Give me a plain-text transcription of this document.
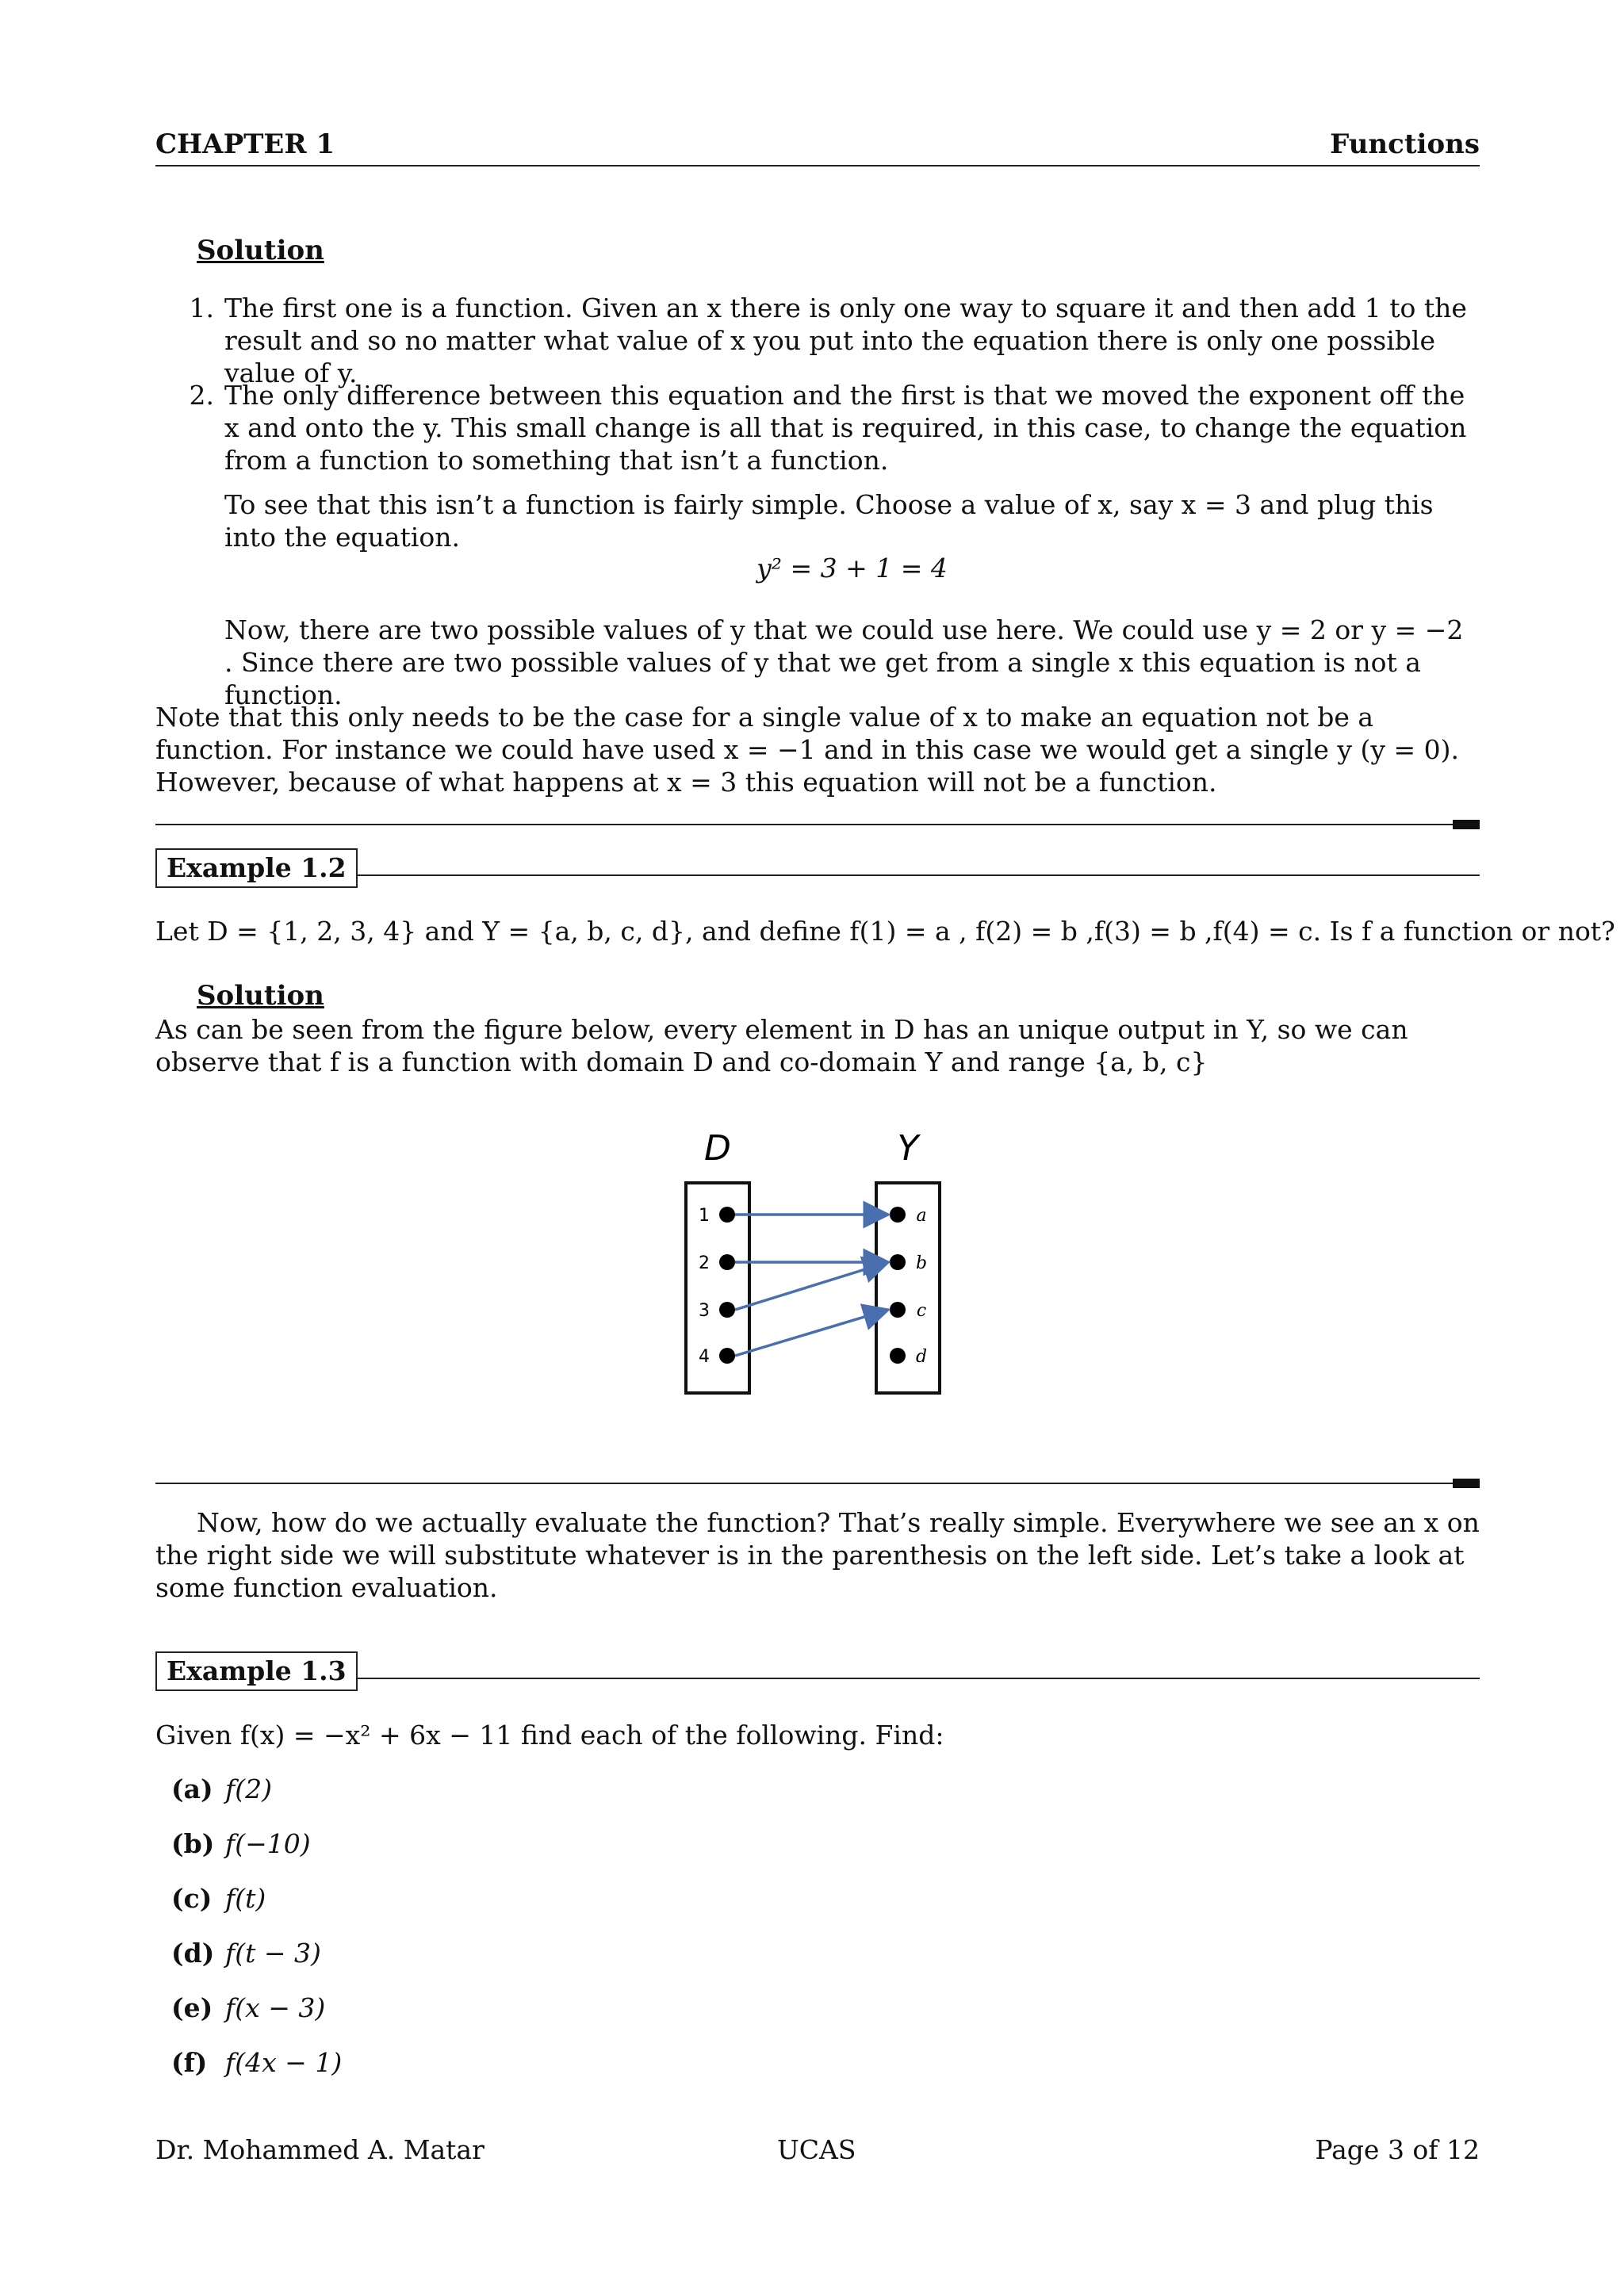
CHAPTER 1	Functions
Solution
1. The first one is a function. Given an x there is only one way to square it and then add 1 to the result and so no matter what value of x you put into the equation there is only one possible value of y.
2. The only difference between this equation and the first is that we moved the exponent off the x and onto the y. This small change is all that is required, in this case, to change the equation from a function to something that isn’t a function.
To see that this isn’t a function is fairly simple. Choose a value of x, say x = 3 and plug this into the equation.
y² = 3 + 1 = 4
Now, there are two possible values of y that we could use here. We could use y = 2 or y = −2 . Since there are two possible values of y that we get from a single x this equation is not a function.
Note that this only needs to be the case for a single value of x to make an equation not be a function. For instance we could have used x = −1 and in this case we would get a single y (y = 0). However, because of what happens at x = 3 this equation will not be a function.
Example 1.2
Let D = {1, 2, 3, 4} and Y = {a, b, c, d}, and define f(1) = a , f(2) = b ,f(3) = b ,f(4) = c. Is f a function or not?
Solution
As can be seen from the figure below, every element in D has an unique output in Y, so we can observe that f is a function with domain D and co-domain Y and range {a, b, c}
D	Y
1
2
3
4
a
b
c
d
Now, how do we actually evaluate the function? That’s really simple. Everywhere we see an x on the right side we will substitute whatever is in the parenthesis on the left side. Let’s take a look at some function evaluation.
Example 1.3
Given f(x) = −x² + 6x − 11 find each of the following. Find:
(a) f(2)
(b) f(−10)
(c) f(t)
(d) f(t − 3)
(e) f(x − 3)
(f) f(4x − 1)
Dr. Mohammed A. Matar	UCAS	Page 3 of 12
